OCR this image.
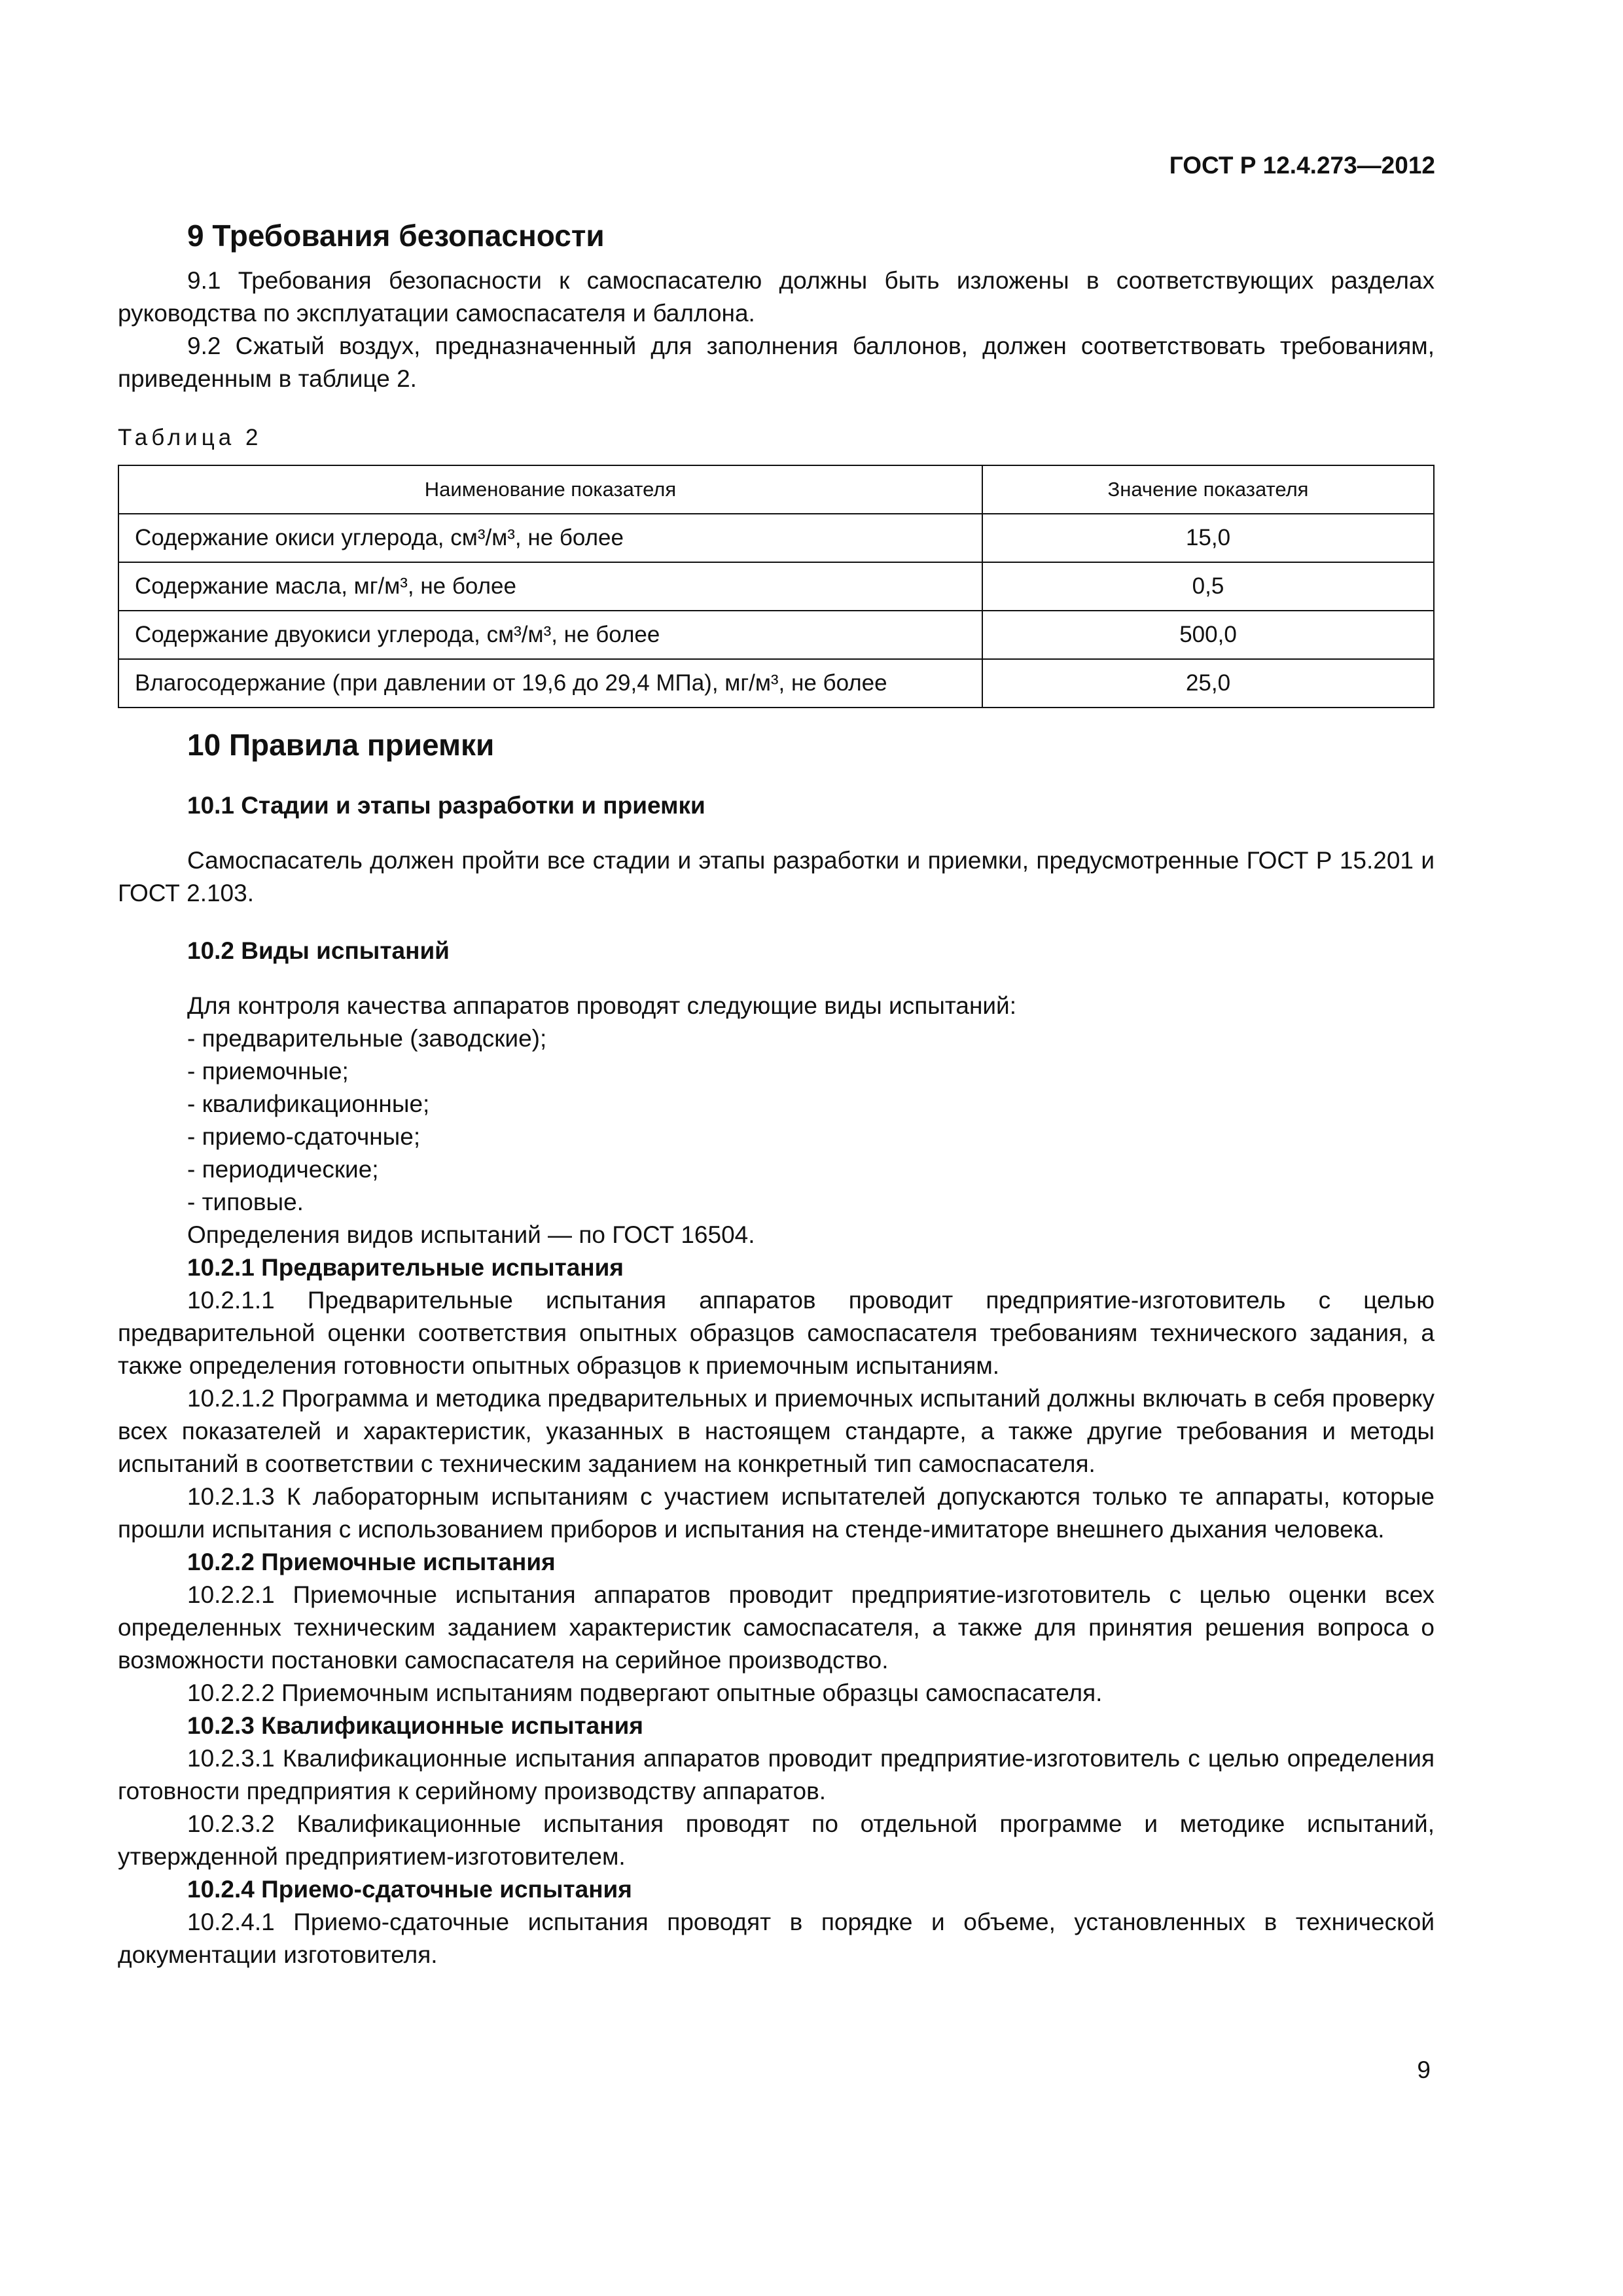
ГОСТ Р 12.4.273—2012
9 Требования безопасности

9.1 Требования безопасности к самоспасателю должны быть изложены в соответствующих разделах руководства по эксплуатации самоспасателя и баллона.

9.2 Сжатый воздух, предназначенный для заполнения баллонов, должен соответствовать требованиям, приведенным в таблице 2.

Таблица 2
Наименование показателя	Значение показателя
Содержание окиси углерода, см³/м³, не более	15,0
Содержание масла, мг/м³, не более	0,5
Содержание двуокиси углерода, см³/м³, не более	500,0
Влагосодержание (при давлении от 19,6 до 29,4 МПа), мг/м³, не более	25,0
10 Правила приемки
10.1 Стадии и этапы разработки и приемки

Самоспасатель должен пройти все стадии и этапы разработки и приемки, предусмотренные ГОСТ Р 15.201 и ГОСТ 2.103.

10.2 Виды испытаний

Для контроля качества аппаратов проводят следующие виды испытаний:

- предварительные (заводские);

- приемочные;

- квалификационные;

- приемо-сдаточные;

- периодические;

- типовые.

Определения видов испытаний — по ГОСТ 16504.

10.2.1 Предварительные испытания

10.2.1.1 Предварительные испытания аппаратов проводит предприятие-изготовитель с целью предварительной оценки соответствия опытных образцов самоспасателя требованиям технического задания, а также определения готовности опытных образцов к приемочным испытаниям.

10.2.1.2 Программа и методика предварительных и приемочных испытаний должны включать в себя проверку всех показателей и характеристик, указанных в настоящем стандарте, а также другие требования и методы испытаний в соответствии с техническим заданием на конкретный тип самоспасателя.

10.2.1.3 К лабораторным испытаниям с участием испытателей допускаются только те аппараты, которые прошли испытания с использованием приборов и испытания на стенде-имитаторе внешнего дыхания человека.

10.2.2 Приемочные испытания

10.2.2.1 Приемочные испытания аппаратов проводит предприятие-изготовитель с целью оценки всех определенных техническим заданием характеристик самоспасателя, а также для принятия решения вопроса о возможности постановки самоспасателя на серийное производство.

10.2.2.2 Приемочным испытаниям подвергают опытные образцы самоспасателя.

10.2.3 Квалификационные испытания

10.2.3.1 Квалификационные испытания аппаратов проводит предприятие-изготовитель с целью определения готовности предприятия к серийному производству аппаратов.

10.2.3.2 Квалификационные испытания проводят по отдельной программе и методике испытаний, утвержденной предприятием-изготовителем.

10.2.4 Приемо-сдаточные испытания

10.2.4.1 Приемо-сдаточные испытания проводят в порядке и объеме, установленных в технической документации изготовителя.

9
